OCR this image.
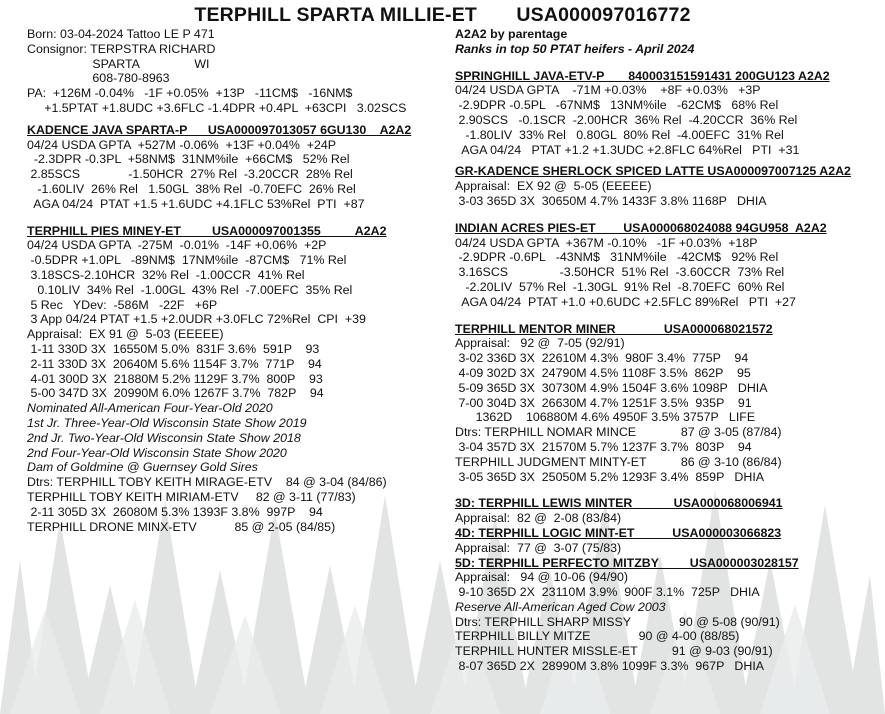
TERPHILL SPARTA MILLIE-ET       USA000097016772
Born: 03-04-2024 Tattoo LE P 471
Consignor: TERPSTRA RICHARD
SPARTA                WI
608-780-8963
PA:  +126M -0.04%   -1F +0.05%  +13P   -11CM$   -16NM$
+1.5PTAT +1.8UDC +3.6FLC -1.4DPR +0.4PL  +63CPI   3.02SCS
KADENCE JAVA SPARTA-P      USA000097013057 6GU130    A2A2
04/24 USDA GPTA  +527M -0.06%  +13F +0.04%  +24P
-2.3DPR -0.3PL  +58NM$  31NM%ile  +66CM$   52% Rel
2.85SCS              -1.50HCR  27% Rel  -3.20CCR  28% Rel
-1.60LIV  26% Rel   1.50GL  38% Rel  -0.70EFC  26% Rel
AGA 04/24  PTAT +1.5 +1.6UDC +4.1FLC 53%Rel  PTI  +87
TERPHILL PIES MINEY-ET         USA000097001355          A2A2
04/24 USDA GPTA  -275M  -0.01%  -14F +0.06%  +2P
-0.5DPR +1.0PL   -89NM$  17NM%ile  -87CM$   71% Rel
3.18SCS-2.10HCR  32% Rel  -1.00CCR  41% Rel
0.10LIV  34% Rel  -1.00GL  43% Rel  -7.00EFC  35% Rel
5 Rec   YDev:  -586M   -22F   +6P
3 App 04/24 PTAT +1.5 +2.0UDR +3.0FLC 72%Rel  CPI  +39
Appraisal:  EX 91 @  5-03 (EEEEE)
1-11 330D 3X  16550M 5.0%  831F 3.6%  591P    93
2-11 330D 3X  20640M 5.6% 1154F 3.7%  771P    94
4-01 300D 3X  21880M 5.2% 1129F 3.7%  800P    93
5-00 347D 3X  20990M 6.0% 1267F 3.7%  782P    94
Nominated All-American Four-Year-Old 2020
1st Jr. Three-Year-Old Wisconsin State Show 2019
2nd Jr. Two-Year-Old Wisconsin State Show 2018
2nd Four-Year-Old Wisconsin State Show 2020
Dam of Goldmine @ Guernsey Gold Sires
Dtrs: TERPHILL TOBY KEITH MIRAGE-ETV    84 @ 3-04 (84/86)
TERPHILL TOBY KEITH MIRIAM-ETV     82 @ 3-11 (77/83)
2-11 305D 3X  26080M 5.3% 1393F 3.8%  997P    94
TERPHILL DRONE MINX-ETV           85 @ 2-05 (84/85)
A2A2 by parentage
Ranks in top 50 PTAT heifers - April 2024
SPRINGHILL JAVA-ETV-P       840003151591431 200GU123 A2A2
04/24 USDA GPTA    -71M +0.03%    +8F +0.03%   +3P
-2.9DPR -0.5PL   -67NM$   13NM%ile   -62CM$   68% Rel
2.90SCS   -0.1SCR  -2.00HCR  36% Rel  -4.20CCR  36% Rel
-1.80LIV  33% Rel   0.80GL  80% Rel  -4.00EFC  31% Rel
AGA 04/24   PTAT +1.2 +1.3UDC +2.8FLC 64%Rel   PTI  +31
GR-KADENCE SHERLOCK SPICED LATTE USA000097007125 A2A2
Appraisal:  EX 92 @  5-05 (EEEEE)
3-03 365D 3X  30650M 4.7% 1433F 3.8% 1168P   DHIA
INDIAN ACRES PIES-ET        USA000068024088 94GU958  A2A2
04/24 USDA GPTA  +367M -0.10%   -1F +0.03%  +18P
-2.9DPR -0.6PL   -43NM$   31NM%ile   -42CM$   92% Rel
3.16SCS               -3.50HCR  51% Rel  -3.60CCR  73% Rel
-2.20LIV  57% Rel  -1.30GL  91% Rel  -8.70EFC  60% Rel
AGA 04/24  PTAT +1.0 +0.6UDC +2.5FLC 89%Rel   PTI  +27
TERPHILL MENTOR MINER              USA000068021572
Appraisal:   92 @  7-05 (92/91)
3-02 336D 3X  22610M 4.3%  980F 3.4%  775P    94
4-09 302D 3X  24790M 4.5% 1108F 3.5%  862P    95
5-09 365D 3X  30730M 4.9% 1504F 3.6% 1098P   DHIA
7-00 304D 3X  26630M 4.7% 1251F 3.5%  935P    91
1362D    106880M 4.6% 4950F 3.5% 3757P   LIFE
Dtrs: TERPHILL NOMAR MINCE             87 @ 3-05 (87/84)
3-04 357D 3X  21570M 5.7% 1237F 3.7%  803P    94
TERPHILL JUDGMENT MINTY-ET          86 @ 3-10 (86/84)
3-05 365D 3X  25050M 5.2% 1293F 3.4%  859P   DHIA
3D: TERPHILL LEWIS MINTER            USA000068006941
Appraisal:  82 @  2-08 (83/84)
4D: TERPHILL LOGIC MINT-ET           USA000003066823
Appraisal:  77 @  3-07 (75/83)
5D: TERPHILL PERFECTO MITZBY         USA000003028157
Appraisal:   94 @ 10-06 (94/90)
9-10 365D 2X  23110M 3.9%  900F 3.1%  725P   DHIA
Reserve All-American Aged Cow 2003
Dtrs: TERPHILL SHARP MISSY              90 @ 5-08 (90/91)
TERPHILL BILLY MITZE              90 @ 4-00 (88/85)
TERPHILL HUNTER MISSLE-ET          91 @ 9-03 (90/91)
8-07 365D 2X  28990M 3.8% 1099F 3.3%  967P   DHIA
